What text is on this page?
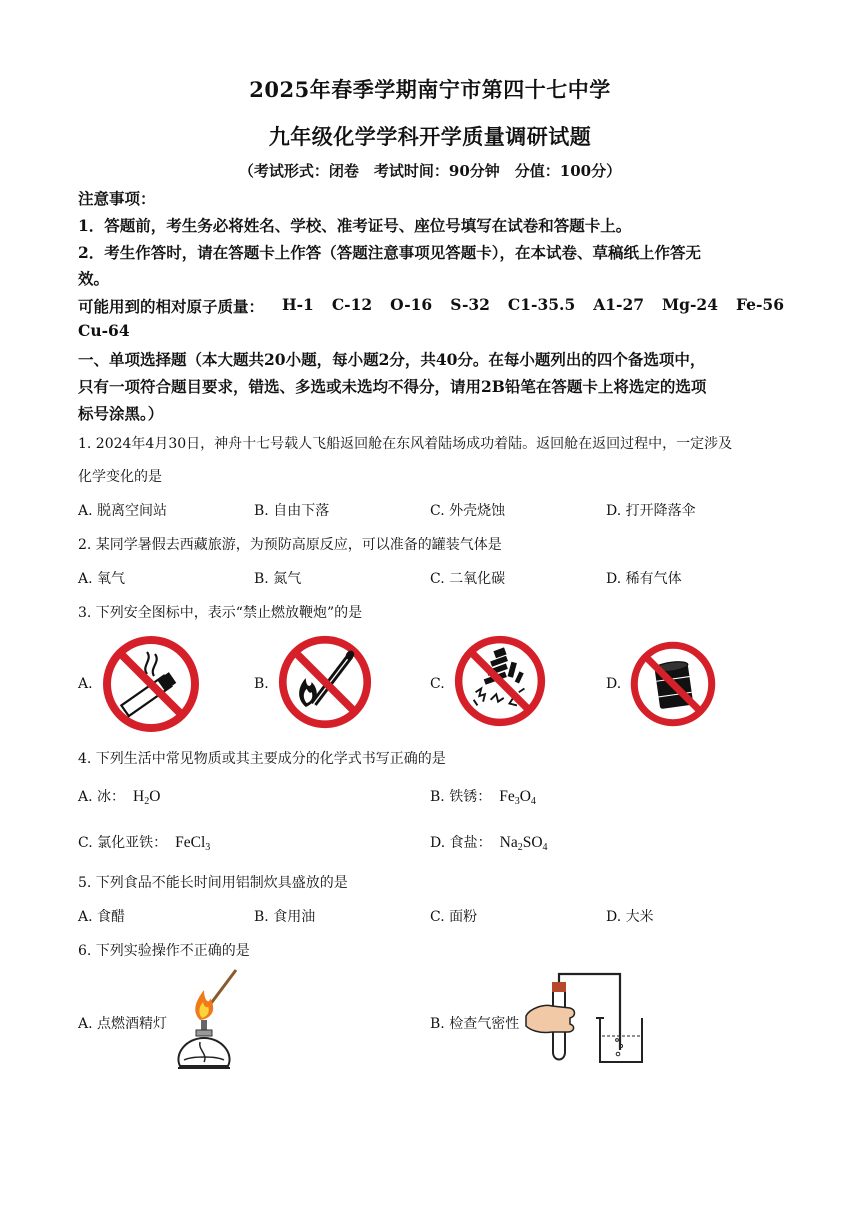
2025年春季学期南宁市第四十七中学
九年级化学学科开学质量调研试题
（考试形式：闭卷　考试时间：90分钟　分值：100分）
注意事项：
1．答题前，考生务必将姓名、学校、准考证号、座位号填写在试卷和答题卡上。
2．考生作答时，请在答题卡上作答（答题注意事项见答题卡），在本试卷、草稿纸上作答无
效。
可能用到的相对原子质量： H-1 C-12 O-16 S-32 C1-35.5 A1-27 Mg-24 Fe-56
Cu-64
一、单项选择题（本大题共20小题，每小题2分，共40分。在每小题列出的四个备选项中，
只有一项符合题目要求，错选、多选或未选均不得分，请用2B铅笔在答题卡上将选定的选项
标号涂黑。）
1. 2024年4月30日，神舟十七号载人飞船返回舱在东风着陆场成功着陆。返回舱在返回过程中，一定涉及
化学变化的是
A. 脱离空间站	B. 自由下落	C. 外壳烧蚀	D. 打开降落伞
2. 某同学暑假去西藏旅游，为预防高原反应，可以准备的罐装气体是
A. 氧气	B. 氮气	C. 二氧化碳	D. 稀有气体
3. 下列安全图标中，表示“禁止燃放鞭炮”的是
A.	B.	C.	D.
4. 下列生活中常见物质或其主要成分的化学式书写正确的是
A. 冰： $H_2O$	B. 铁锈： $Fe_3O_4$
C. 氯化亚铁： FeCl$_3$	D. 食盐： $Na_2SO_4$
5. 下列食品不能长时间用铝制炊具盛放的是
A. 食醋	B. 食用油	C. 面粉	D. 大米
6. 下列实验操作不正确的是
A. 点燃酒精灯	B. 检查气密性
